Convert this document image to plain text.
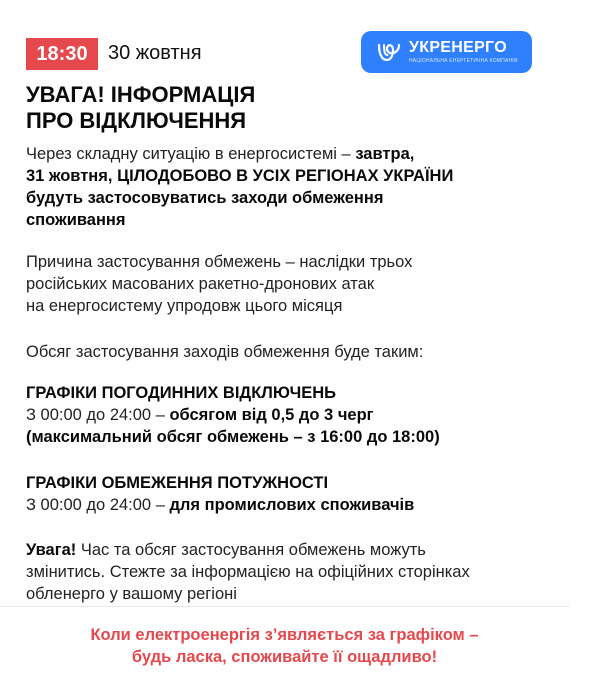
18:30 30 жовтня	УКРЕНЕРГО
НАЦІОНАЛЬНА ЕНЕРГЕТИЧНА КОМПАНІЯ
УВАГА! ІНФОРМАЦІЯ
ПРО ВІДКЛЮЧЕННЯ
Через складну ситуацію в енергосистемі – завтра,
31 жовтня, ЦІЛОДОБОВО В УСІХ РЕГІОНАХ УКРАЇНИ
будуть застосовуватись заходи обмеження
споживання
Причина застосування обмежень – наслідки трьох
російських масованих ракетно-дронових атак
на енергосистему упродовж цього місяця
Обсяг застосування заходів обмеження буде таким:
ГРАФІКИ ПОГОДИННИХ ВІДКЛЮЧЕНЬ
З 00:00 до 24:00 – обсягом від 0,5 до 3 черг
(максимальний обсяг обмежень – з 16:00 до 18:00)
ГРАФІКИ ОБМЕЖЕННЯ ПОТУЖНОСТІ
З 00:00 до 24:00 – для промислових споживачів
Увага! Час та обсяг застосування обмежень можуть
змінитись. Стежте за інформацією на офіційних сторінках
обленерго у вашому регіоні
Коли електроенергія з’являється за графіком –
будь ласка, споживайте її ощадливо!
